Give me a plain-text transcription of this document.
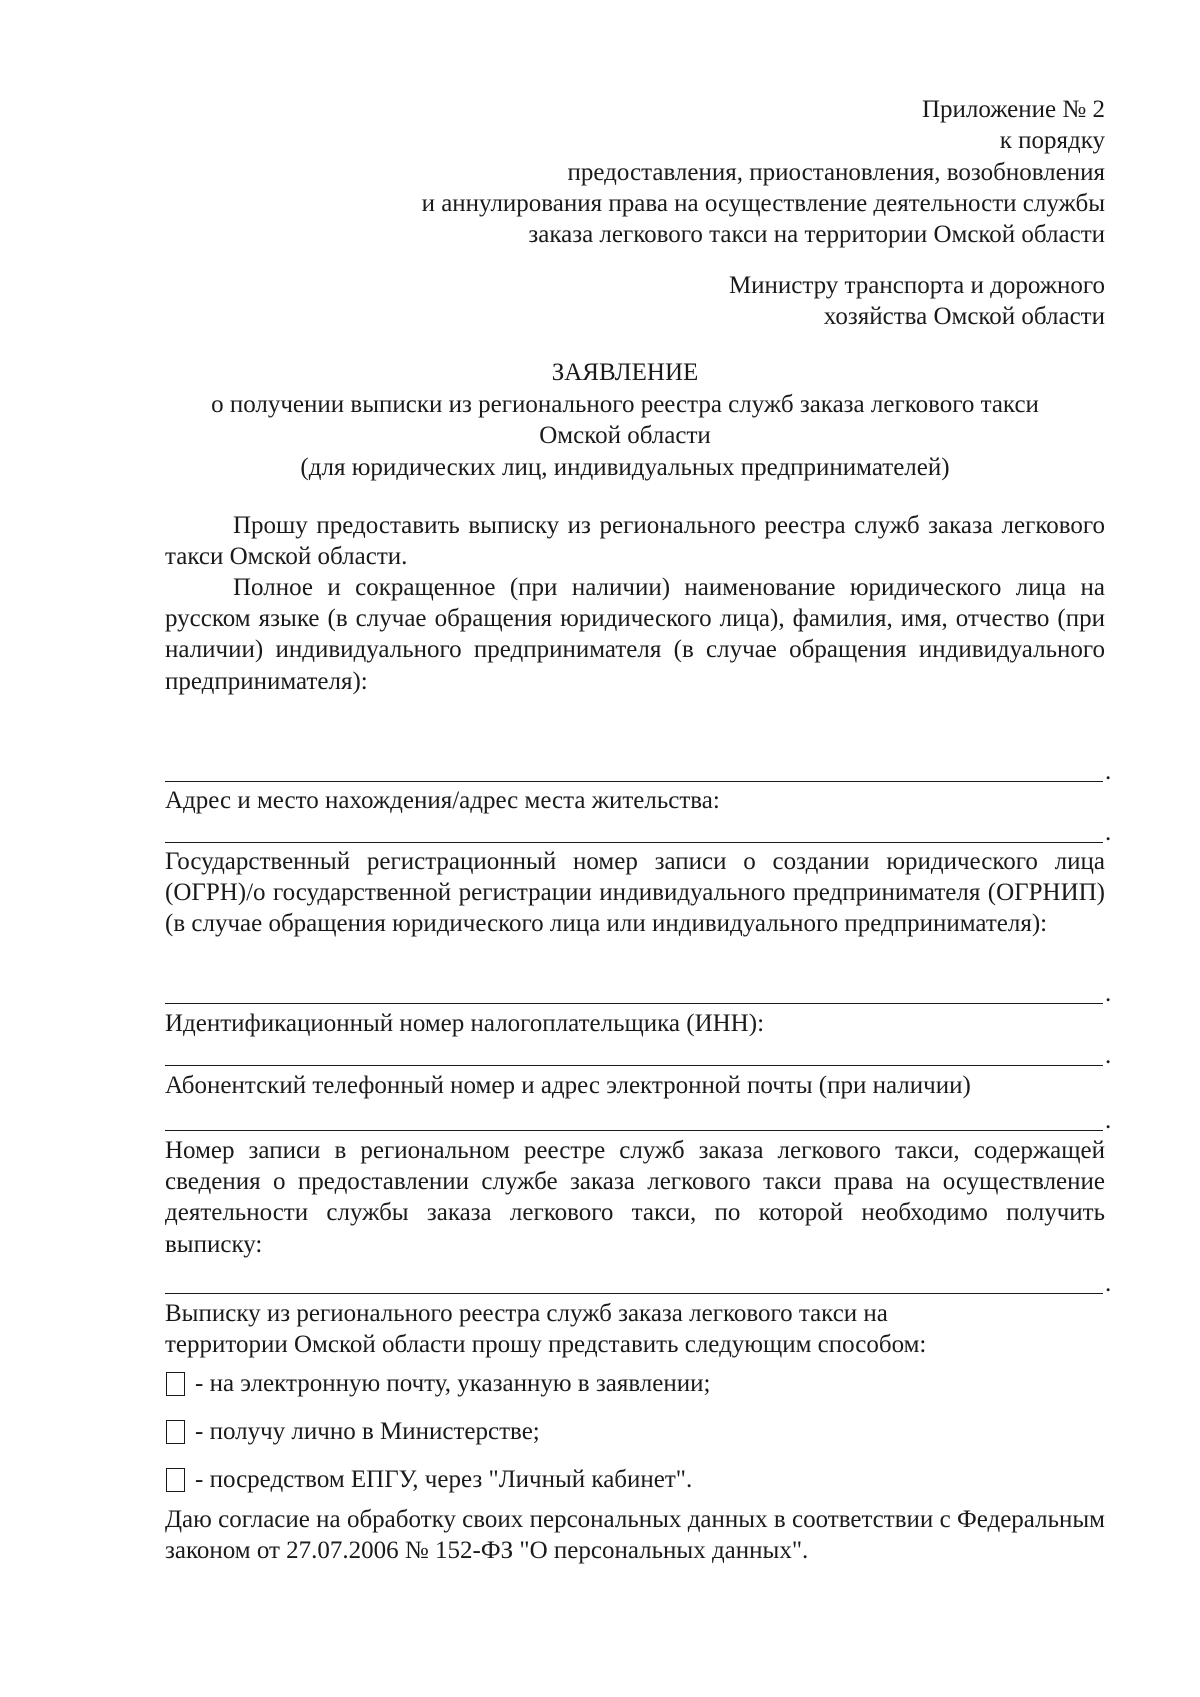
Приложение № 2
к порядку
предоставления, приостановления, возобновления
и аннулирования права на осуществление деятельности службы
заказа легкового такси на территории Омской области
Министру транспорта и дорожного
хозяйства Омской области
ЗАЯВЛЕНИЕ
о получении выписки из регионального реестра служб заказа легкового такси
Омской области
(для юридических лиц, индивидуальных предпринимателей)
Прошу предоставить выписку из регионального реестра служб заказа легкового такси Омской области.
Полное и сокращенное (при наличии) наименование юридического лица на русском языке (в случае обращения юридического лица), фамилия, имя, отчество (при наличии) индивидуального предпринимателя (в случае обращения индивидуального предпринимателя):
.
Адрес и место нахождения/адрес места жительства:
.
Государственный регистрационный номер записи о создании юридического лица (ОГРН)/о государственной регистрации индивидуального предпринимателя (ОГРНИП) (в случае обращения юридического лица или индивидуального предпринимателя):
.
Идентификационный номер налогоплательщика (ИНН):
.
Абонентский телефонный номер и адрес электронной почты (при наличии)
.
Номер записи в региональном реестре служб заказа легкового такси, содержащей сведения о предоставлении службе заказа легкового такси права на осуществление деятельности службы заказа легкового такси, по которой необходимо получить выписку:
.
Выписку из регионального реестра служб заказа легкового такси на
территории Омской области прошу представить следующим способом:
- на электронную почту, указанную в заявлении;
- получу лично в Министерстве;
- посредством ЕПГУ, через "Личный кабинет".
Даю согласие на обработку своих персональных данных в соответствии с Федеральным законом от 27.07.2006 № 152-ФЗ "О персональных данных".
